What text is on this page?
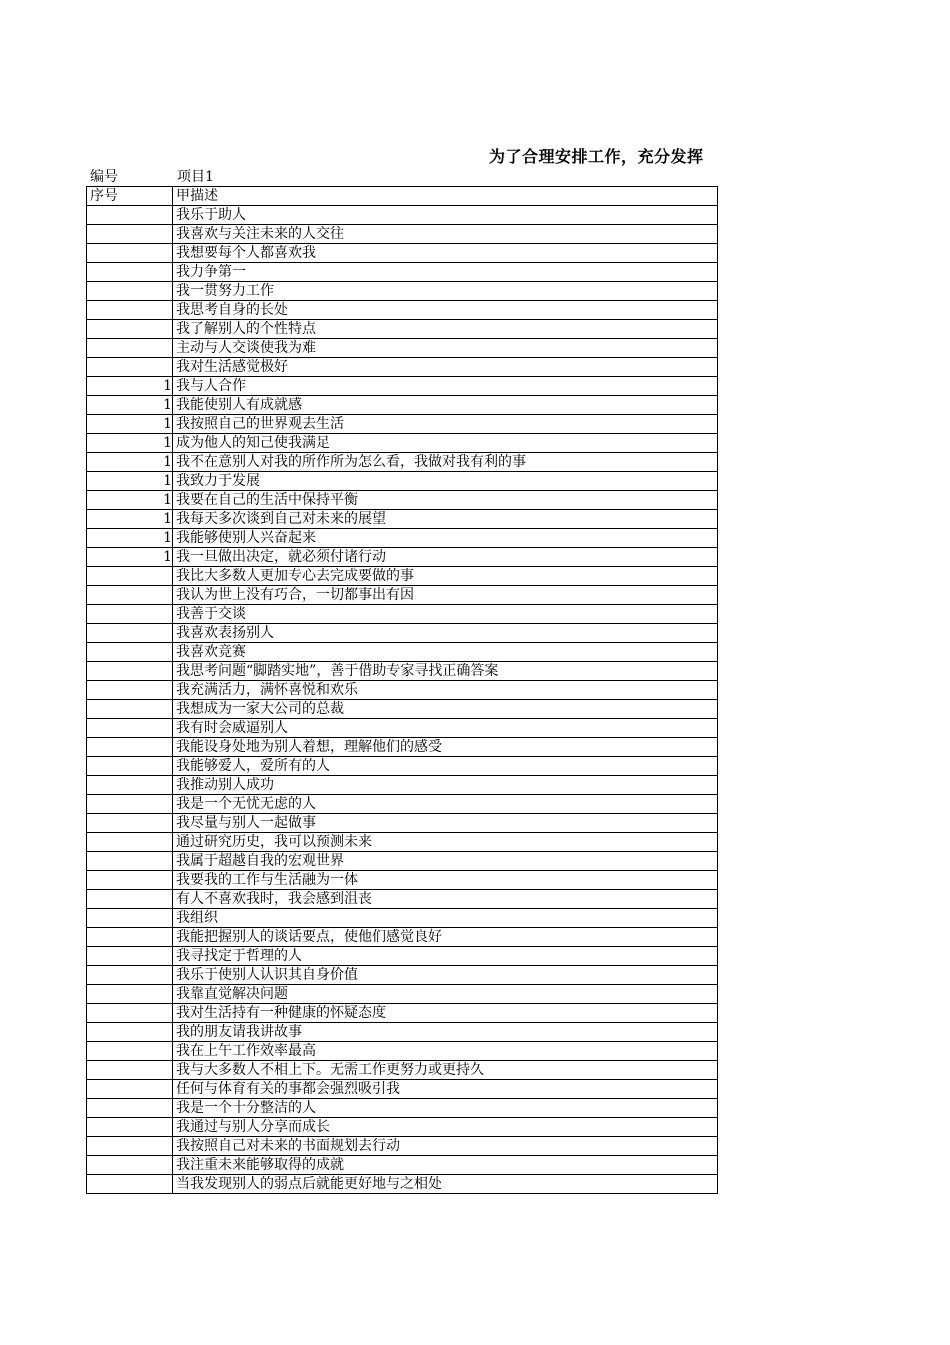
为了合理安排工作，充分发挥
编号	项目1
序号	甲描述
	我乐于助人
	我喜欢与关注未来的人交往
	我想要每个人都喜欢我
	我力争第一
	我一贯努力工作
	我思考自身的长处
	我了解别人的个性特点
	主动与人交谈使我为难
	我对生活感觉极好
1	我与人合作
1	我能使别人有成就感
1	我按照自己的世界观去生活
1	成为他人的知己使我满足
1	我不在意别人对我的所作所为怎么看，我做对我有利的事
1	我致力于发展
1	我要在自己的生活中保持平衡
1	我每天多次谈到自己对未来的展望
1	我能够使别人兴奋起来
1	我一旦做出决定，就必须付诸行动
	我比大多数人更加专心去完成要做的事
	我认为世上没有巧合，一切都事出有因
	我善于交谈
	我喜欢表扬别人
	我喜欢竞赛
	我思考问题“脚踏实地”，善于借助专家寻找正确答案
	我充满活力，满怀喜悦和欢乐
	我想成为一家大公司的总裁
	我有时会威逼别人
	我能设身处地为别人着想，理解他们的感受
	我能够爱人，爱所有的人
	我推动别人成功
	我是一个无忧无虑的人
	我尽量与别人一起做事
	通过研究历史，我可以预测未来
	我属于超越自我的宏观世界
	我要我的工作与生活融为一体
	有人不喜欢我时，我会感到沮丧
	我组织
	我能把握别人的谈话要点，使他们感觉良好
	我寻找定于哲理的人
	我乐于使别人认识其自身价值
	我靠直觉解决问题
	我对生活持有一种健康的怀疑态度
	我的朋友请我讲故事
	我在上午工作效率最高
	我与大多数人不相上下。无需工作更努力或更持久
	任何与体育有关的事都会强烈吸引我
	我是一个十分整洁的人
	我通过与别人分享而成长
	我按照自己对未来的书面规划去行动
	我注重未来能够取得的成就
	当我发现别人的弱点后就能更好地与之相处
